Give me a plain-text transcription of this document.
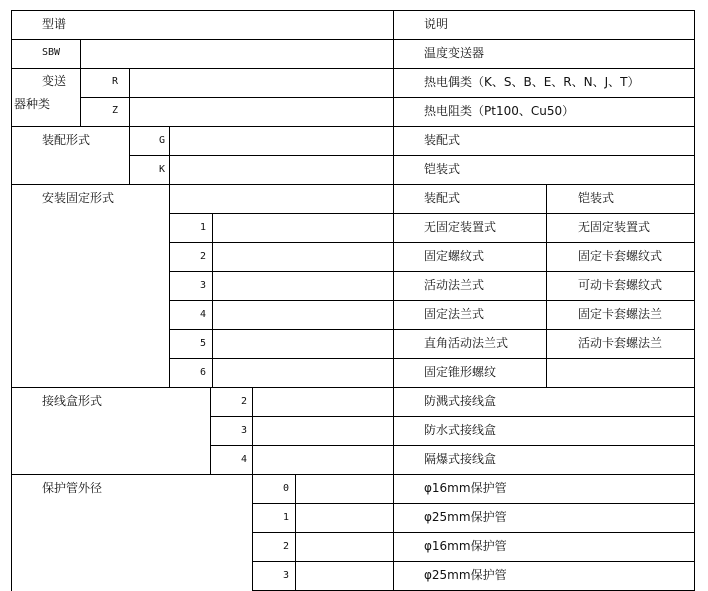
型谱	说明
SBW	温度变送器
变送
器种类
R	热电偶类（K、S、B、E、R、N、J、T）
Z	热电阻类（Pt100、Cu50）
装配形式	G	装配式
K	铠装式
安装固定形式	装配式	铠装式
1	无固定装置式	无固定装置式
2	固定螺纹式	固定卡套螺纹式
3	活动法兰式	可动卡套螺纹式
4	固定法兰式	固定卡套螺法兰
5	直角活动法兰式	活动卡套螺法兰
6	固定锥形螺纹
接线盒形式	2	防溅式接线盒
3	防水式接线盒
4	隔爆式接线盒
保护管外径	0	φ16mm保护管
1	φ25mm保护管
2	φ16mm保护管
3	φ25mm保护管
